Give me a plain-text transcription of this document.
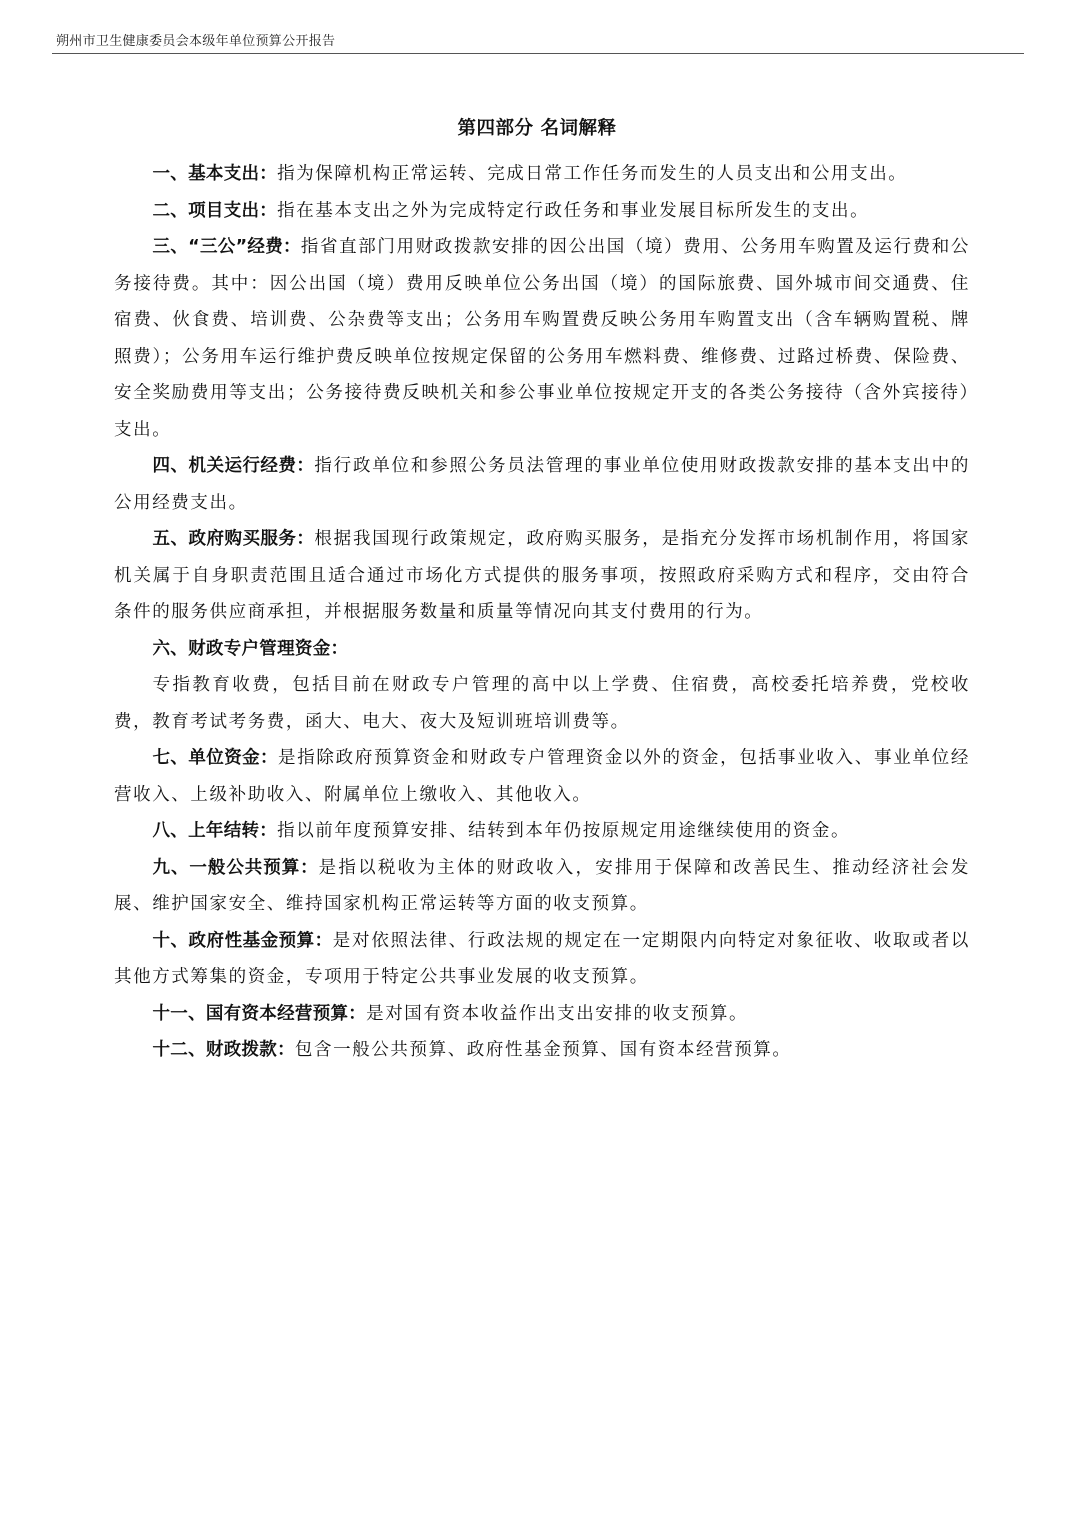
朔州市卫生健康委员会本级年单位预算公开报告
第四部分 名词解释

一、基本支出：指为保障机构正常运转、完成日常工作任务而发生的人员支出和公用支出。

二、项目支出：指在基本支出之外为完成特定行政任务和事业发展目标所发生的支出。

三、“三公”经费：指省直部门用财政拨款安排的因公出国（境）费用、公务用车购置及运行费和公务接待费。其中：因公出国（境）费用反映单位公务出国（境）的国际旅费、国外城市间交通费、住宿费、伙食费、培训费、公杂费等支出；公务用车购置费反映公务用车购置支出（含车辆购置税、牌照费）；公务用车运行维护费反映单位按规定保留的公务用车燃料费、维修费、过路过桥费、保险费、安全奖励费用等支出；公务接待费反映机关和参公事业单位按规定开支的各类公务接待（含外宾接待）支出。

四、机关运行经费：指行政单位和参照公务员法管理的事业单位使用财政拨款安排的基本支出中的公用经费支出。

五、政府购买服务：根据我国现行政策规定，政府购买服务，是指充分发挥市场机制作用，将国家机关属于自身职责范围且适合通过市场化方式提供的服务事项，按照政府采购方式和程序，交由符合条件的服务供应商承担，并根据服务数量和质量等情况向其支付费用的行为。

六、财政专户管理资金：

专指教育收费，包括目前在财政专户管理的高中以上学费、住宿费，高校委托培养费，党校收费，教育考试考务费，函大、电大、夜大及短训班培训费等。

七、单位资金：是指除政府预算资金和财政专户管理资金以外的资金，包括事业收入、事业单位经营收入、上级补助收入、附属单位上缴收入、其他收入。

八、上年结转：指以前年度预算安排、结转到本年仍按原规定用途继续使用的资金。

九、一般公共预算：是指以税收为主体的财政收入，安排用于保障和改善民生、推动经济社会发展、维护国家安全、维持国家机构正常运转等方面的收支预算。

十、政府性基金预算：是对依照法律、行政法规的规定在一定期限内向特定对象征收、收取或者以其他方式筹集的资金，专项用于特定公共事业发展的收支预算。

十一、国有资本经营预算：是对国有资本收益作出支出安排的收支预算。

十二、财政拨款：包含一般公共预算、政府性基金预算、国有资本经营预算。
